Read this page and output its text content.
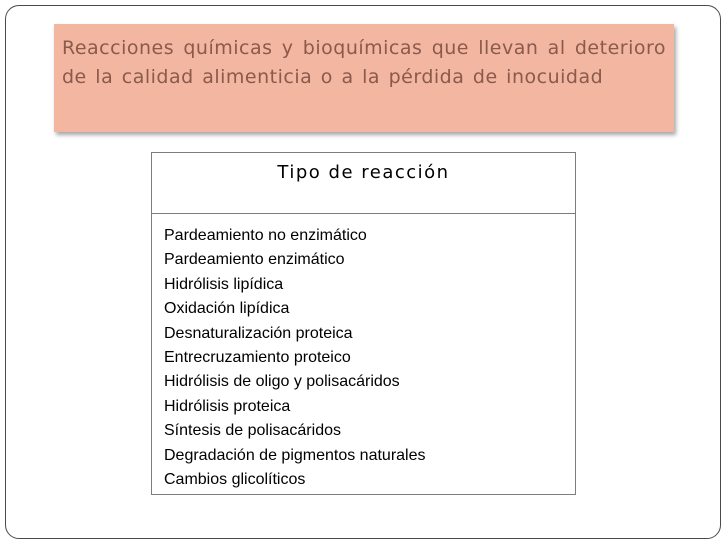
Reacciones químicas y bioquímicas que llevan al deterioro de la calidad alimenticia o a la pérdida de inocuidad

Tipo de reacción
Pardeamiento no enzimático
Pardeamiento enzimático
Hidrólisis lipídica
Oxidación lipídica
Desnaturalización proteica
Entrecruzamiento proteico
Hidrólisis de oligo y polisacáridos
Hidrólisis proteica
Síntesis de polisacáridos
Degradación de pigmentos naturales
Cambios glicolíticos
